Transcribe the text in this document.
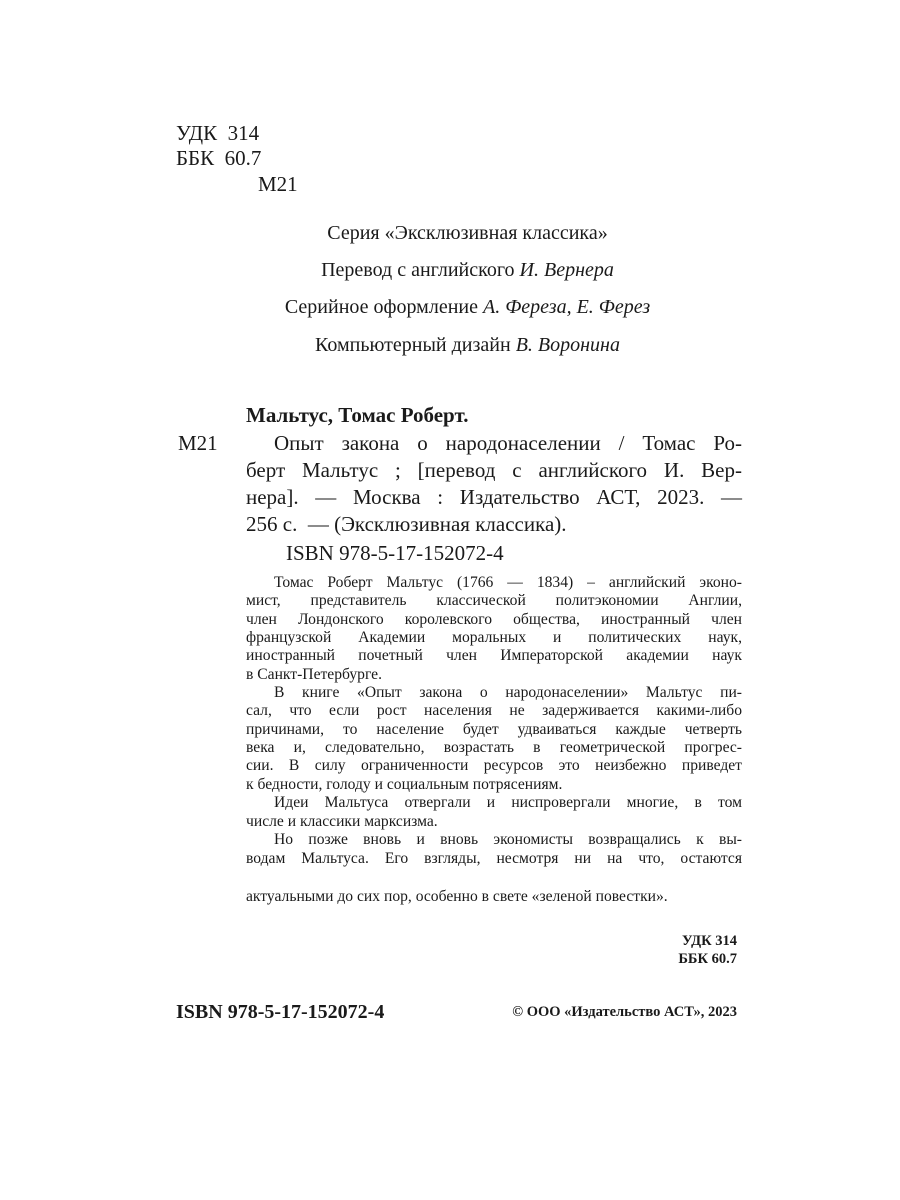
УДК  314
ББК  60.7
М21
Серия «Эксклюзивная классика»
Перевод с английского И. Вернера
Серийное оформление А. Фереза, Е. Ферез
Компьютерный дизайн В. Воронина
Мальтус, Томас Роберт.
М21	Опыт закона о народонаселении / Томас Ро-
берт Мальтус ; [перевод с английского И. Вер-
нера]. — Москва : Издательство АСТ, 2023. —
256 с.  — (Эксклюзивная классика).
ISBN 978-5-17-152072-4
Томас Роберт Мальтус (1766 — 1834) – английский эконо-
мист, представитель классической политэкономии Англии,
член Лондонского королевского общества, иностранный член
французской Академии моральных и политических наук,
иностранный почетный член Императорской академии наук
в Санкт-Петербурге.
В книге «Опыт закона о народонаселении» Мальтус пи-
сал, что если рост населения не задерживается какими-либо
причинами, то население будет удваиваться каждые четверть
века и, следовательно, возрастать в геометрической прогрес-
сии. В силу ограниченности ресурсов это неизбежно приведет
к бедности, голоду и социальным потрясениям.
Идеи Мальтуса отвергали и ниспровергали многие, в том
числе и классики марксизма.
Но позже вновь и вновь экономисты возвращались к вы-
водам Мальтуса. Его взгляды, несмотря ни на что, остаются
актуальными до сих пор, особенно в свете «зеленой повестки».
УДК 314
ББК 60.7
ISBN 978-5-17-152072-4	© ООО «Издательство АСТ», 2023
